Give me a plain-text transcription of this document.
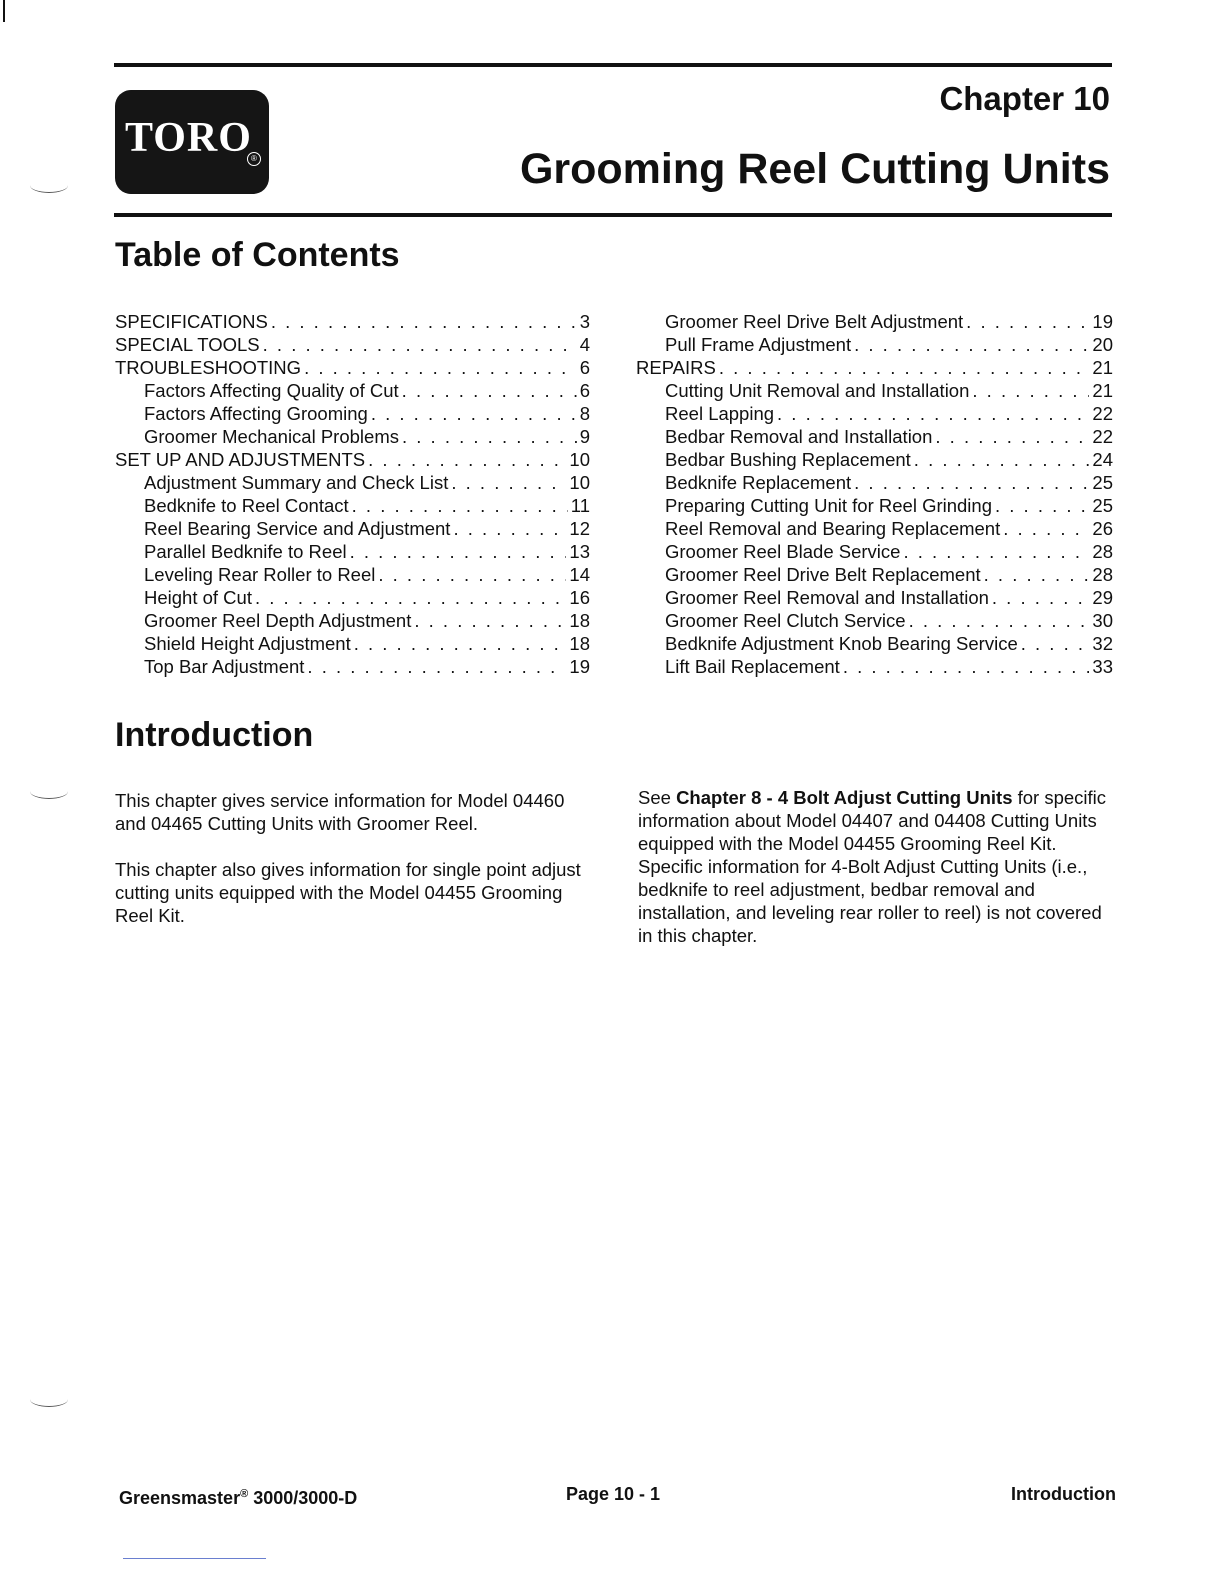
TORO ®
Chapter 10
Grooming Reel Cutting Units
Table of Contents
SPECIFICATIONS . . .	3
SPECIAL TOOLS . . .	4
TROUBLESHOOTING . . .	6
Factors Affecting Quality of Cut . . .	6
Factors Affecting Grooming . . .	8
Groomer Mechanical Problems . . .	9
SET UP AND ADJUSTMENTS . . .	10
Adjustment Summary and Check List . . .	10
Bedknife to Reel Contact . . .	11
Reel Bearing Service and Adjustment . . .	12
Parallel Bedknife to Reel . . .	13
Leveling Rear Roller to Reel . . .	14
Height of Cut . . .	16
Groomer Reel Depth Adjustment . . .	18
Shield Height Adjustment . . .	18
Top Bar Adjustment . . .	19
Groomer Reel Drive Belt Adjustment . . .	19
Pull Frame Adjustment . . .	20
REPAIRS . . .	21
Cutting Unit Removal and Installation . . .	21
Reel Lapping . . .	22
Bedbar Removal and Installation . . .	22
Bedbar Bushing Replacement . . .	24
Bedknife Replacement . . .	25
Preparing Cutting Unit for Reel Grinding . . .	25
Reel Removal and Bearing Replacement . . .	26
Groomer Reel Blade Service . . .	28
Groomer Reel Drive Belt Replacement . . .	28
Groomer Reel Removal and Installation . . .	29
Groomer Reel Clutch Service . . .	30
Bedknife Adjustment Knob Bearing Service . . .	32
Lift Bail Replacement . . .	33
Introduction

This chapter gives service information for Model 04460 and 04465 Cutting Units with Groomer Reel.

This chapter also gives information for single point adjust cutting units equipped with the Model 04455 Grooming Reel Kit.

See Chapter 8 - 4 Bolt Adjust Cutting Units for specific information about Model 04407 and 04408 Cutting Units equipped with the Model 04455 Grooming Reel Kit. Specific information for 4-Bolt Adjust Cutting Units (i.e., bedknife to reel adjustment, bedbar removal and installation, and leveling rear roller to reel) is not covered in this chapter.

Greensmaster® 3000/3000-D	Page 10 - 1	Introduction
